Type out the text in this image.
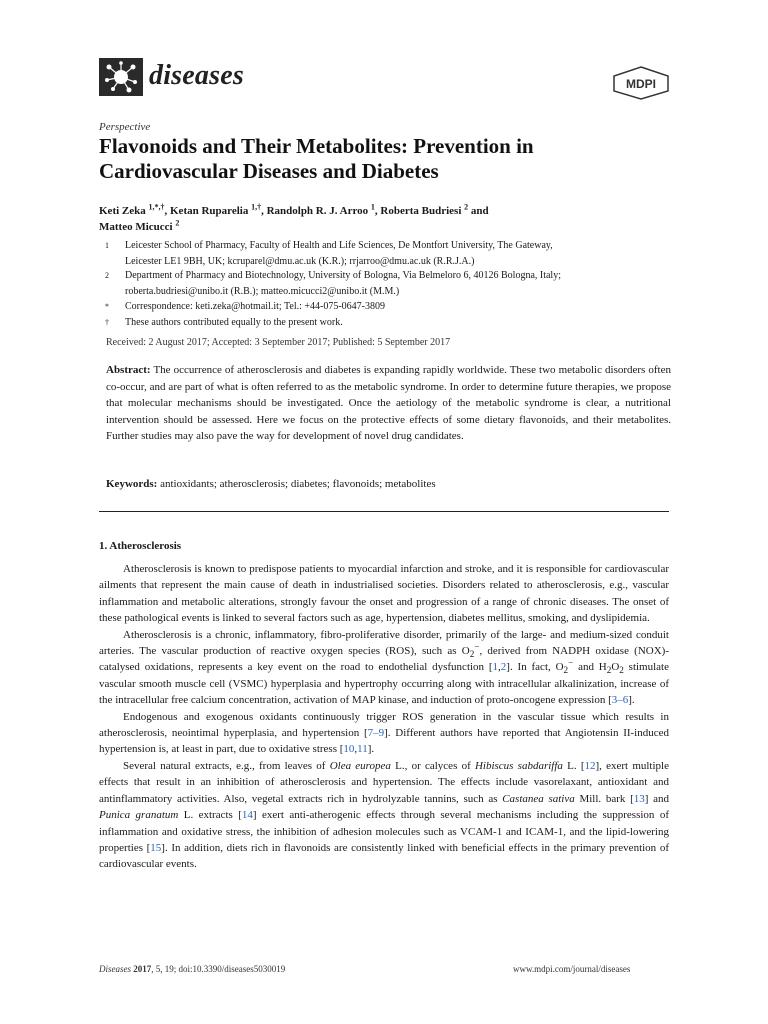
diseases	MDPI
Perspective
Flavonoids and Their Metabolites: Prevention in
Cardiovascular Diseases and Diabetes
Keti Zeka $^{1,*,\dagger}$, Ketan Ruparelia $^{1,\dagger}$, Randolph R. J. Arroo $^1$, Roberta Budriesi $^2$ and
Matteo Micucci $^2$
1 Leicester School of Pharmacy, Faculty of Health and Life Sciences, De Montfort University, The Gateway,
Leicester LE1 9BH, UK; kcruparel@dmu.ac.uk (K.R.); rrjarroo@dmu.ac.uk (R.R.J.A.)
2 Department of Pharmacy and Biotechnology, University of Bologna, Via Belmeloro 6, 40126 Bologna, Italy;
roberta.budriesi@unibo.it (R.B.); matteo.micucci2@unibo.it (M.M.)
* Correspondence: keti.zeka@hotmail.it; Tel.: +44-075-0647-3809
† These authors contributed equally to the present work.
Received: 2 August 2017; Accepted: 3 September 2017; Published: 5 September 2017
Abstract: The occurrence of atherosclerosis and diabetes is expanding rapidly worldwide. These two metabolic disorders often co-occur, and are part of what is often referred to as the metabolic syndrome. In order to determine future therapies, we propose that molecular mechanisms should be investigated. Once the aetiology of the metabolic syndrome is clear, a nutritional intervention should be assessed. Here we focus on the protective effects of some dietary flavonoids, and their metabolites. Further studies may also pave the way for development of novel drug candidates.
Keywords: antioxidants; atherosclerosis; diabetes; flavonoids; metabolites
1. Atherosclerosis

Atherosclerosis is known to predispose patients to myocardial infarction and stroke, and it is responsible for cardiovascular ailments that represent the main cause of death in industrialised societies. Disorders related to atherosclerosis, e.g., vascular inflammation and metabolic alterations, strongly favour the onset and progression of a range of chronic diseases. The onset of these pathological events is linked to several factors such as age, hypertension, diabetes mellitus, smoking, and dyslipidemia.

Atherosclerosis is a chronic, inflammatory, fibro-proliferative disorder, primarily of the large- and medium-sized conduit arteries. The vascular production of reactive oxygen species (ROS), such as $O_2^-$, derived from NADPH oxidase (NOX)-catalysed oxidations, represents a key event on the road to endothelial dysfunction [1,2]. In fact, $O_2^-$ and $H_2O_2$ stimulate vascular smooth muscle cell (VSMC) hyperplasia and hypertrophy occurring along with intracellular alkalinization, increase of the intracellular free calcium concentration, activation of MAP kinase, and induction of proto-oncogene expression [3–6].

Endogenous and exogenous oxidants continuously trigger ROS generation in the vascular tissue which results in atherosclerosis, neointimal hyperplasia, and hypertension [7–9]. Different authors have reported that Angiotensin II-induced hypertension is, at least in part, due to oxidative stress [10,11].

Several natural extracts, e.g., from leaves of Olea europea L., or calyces of Hibiscus sabdariffa L. [12], exert multiple effects that result in an inhibition of atherosclerosis and hypertension. The effects include vasorelaxant, antioxidant and antinflammatory activities. Also, vegetal extracts rich in hydrolyzable tannins, such as Castanea sativa Mill. bark [13] and Punica granatum L. extracts [14] exert anti-atherogenic effects through several mechanisms including the suppression of inflammation and oxidative stress, the inhibition of adhesion molecules such as VCAM-1 and ICAM-1, and the lipid-lowering properties [15]. In addition, diets rich in flavonoids are consistently linked with beneficial effects in the primary prevention of cardiovascular events.

Diseases 2017, 5, 19; doi:10.3390/diseases5030019	www.mdpi.com/journal/diseases
